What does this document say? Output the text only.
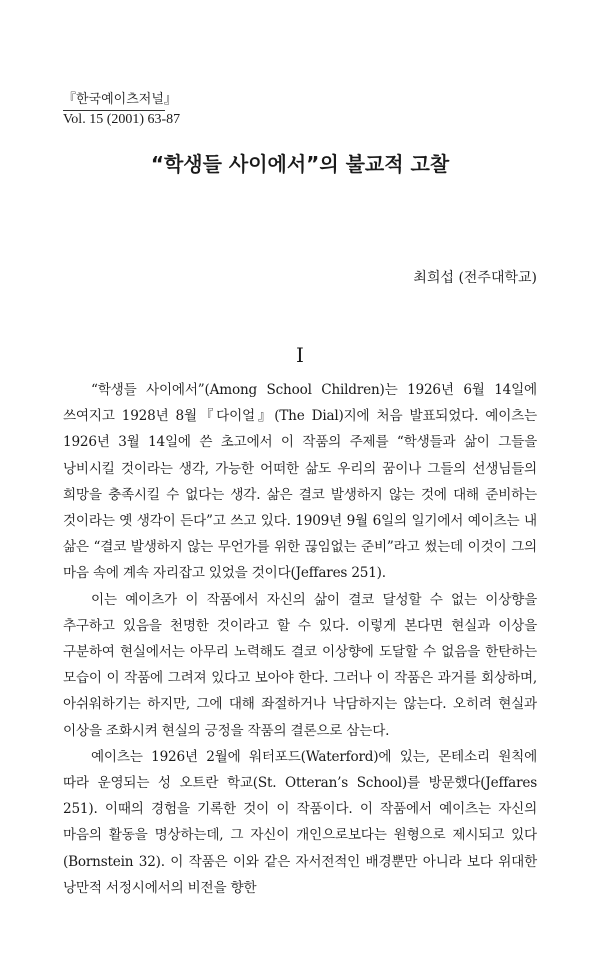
『한국예이츠저널』

Vol. 15 (2001) 63-87
“학생들 사이에서”의 불교적 고찰
최희섭 (전주대학교)
I

“학생들 사이에서”(Among School Children)는 1926년 6월 14일에 쓰여지고 1928년 8월『다이얼』(The Dial)지에 처음 발표되었다. 예이츠는 1926년 3월 14일에 쓴 초고에서 이 작품의 주제를 “학생들과 삶이 그들을 낭비시킬 것이라는 생각, 가능한 어떠한 삶도 우리의 꿈이나 그들의 선생님들의 희망을 충족시킬 수 없다는 생각. 삶은 결코 발생하지 않는 것에 대해 준비하는 것이라는 옛 생각이 든다”고 쓰고 있다. 1909년 9월 6일의 일기에서 예이츠는 내 삶은 “결코 발생하지 않는 무언가를 위한 끊임없는 준비”라고 썼는데 이것이 그의 마음 속에 계속 자리잡고 있었을 것이다(Jeffares 251).

이는 예이츠가 이 작품에서 자신의 삶이 결코 달성할 수 없는 이상향을 추구하고 있음을 천명한 것이라고 할 수 있다. 이렇게 본다면 현실과 이상을 구분하여 현실에서는 아무리 노력해도 결코 이상향에 도달할 수 없음을 한탄하는 모습이 이 작품에 그려져 있다고 보아야 한다. 그러나 이 작품은 과거를 회상하며, 아쉬워하기는 하지만, 그에 대해 좌절하거나 낙담하지는 않는다. 오히려 현실과 이상을 조화시켜 현실의 긍정을 작품의 결론으로 삼는다.

예이츠는 1926년 2월에 워터포드(Waterford)에 있는, 몬테소리 원칙에 따라 운영되는 성 오트란 학교(St. Otteran’s School)를 방문했다(Jeffares 251). 이때의 경험을 기록한 것이 이 작품이다. 이 작품에서 예이츠는 자신의 마음의 활동을 명상하는데, 그 자신이 개인으로보다는 원형으로 제시되고 있다(Bornstein 32). 이 작품은 이와 같은 자서전적인 배경뿐만 아니라 보다 위대한 낭만적 서정시에서의 비전을 향한
